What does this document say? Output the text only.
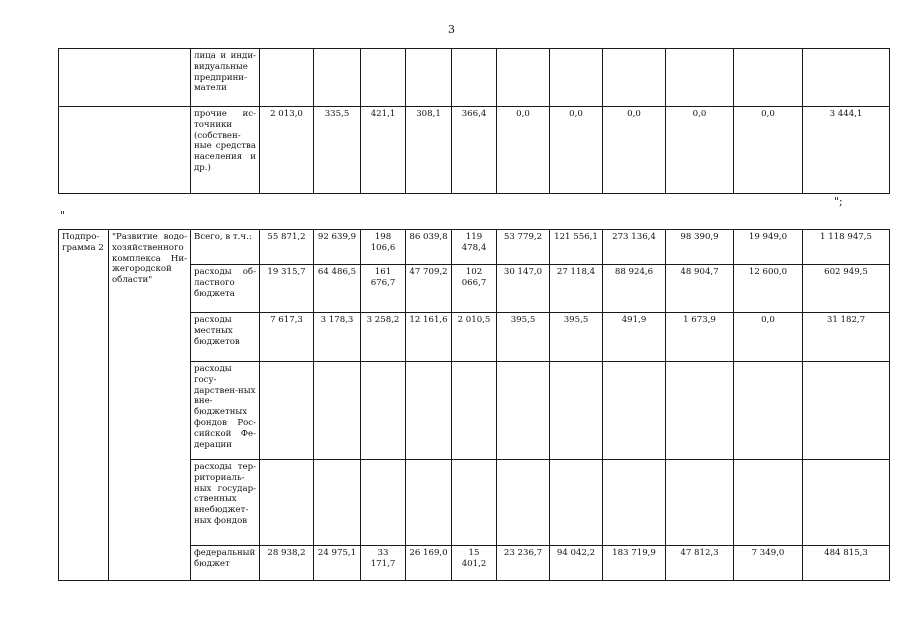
3
	лица и инди-видуальные предприни-матели											
	прочие ис-точники (собствен-ные средства населения и др.)	2 013,0	335,5	421,1	308,1	366,4	0,0	0,0	0,0	0,0	0,0	3 444,1
";
"
Подпро-грамма 2	"Развитие водо-хозяйственного комплекса Ни-жегородской области"	Всего, в т.ч.:	55 871,2	92 639,9	198 106,6	86 039,8	119 478,4	53 779,2	121 556,1	273 136,4	98 390,9	19 949,0	1 118 947,5
		расходы об-ластного бюджета	19 315,7	64 486,5	161 676,7	47 709,2	102 066,7	30 147,0	27 118,4	88 924,6	48 904,7	12 600,0	602 949,5
		расходы местных бюджетов	7 617,3	3 178,3	3 258,2	12 161,6	2 010,5	395,5	395,5	491,9	1 673,9	0,0	31 182,7
		расходы госу-дарствен-ных вне-бюджетных фондов Рос-сийской Фе-дерации											
		расходы тер-риториаль-ных государ-ственных внебюджет-ных фондов											
		федеральный бюджет	28 938,2	24 975,1	33 171,7	26 169,0	15 401,2	23 236,7	94 042,2	183 719,9	47 812,3	7 349,0	484 815,3
